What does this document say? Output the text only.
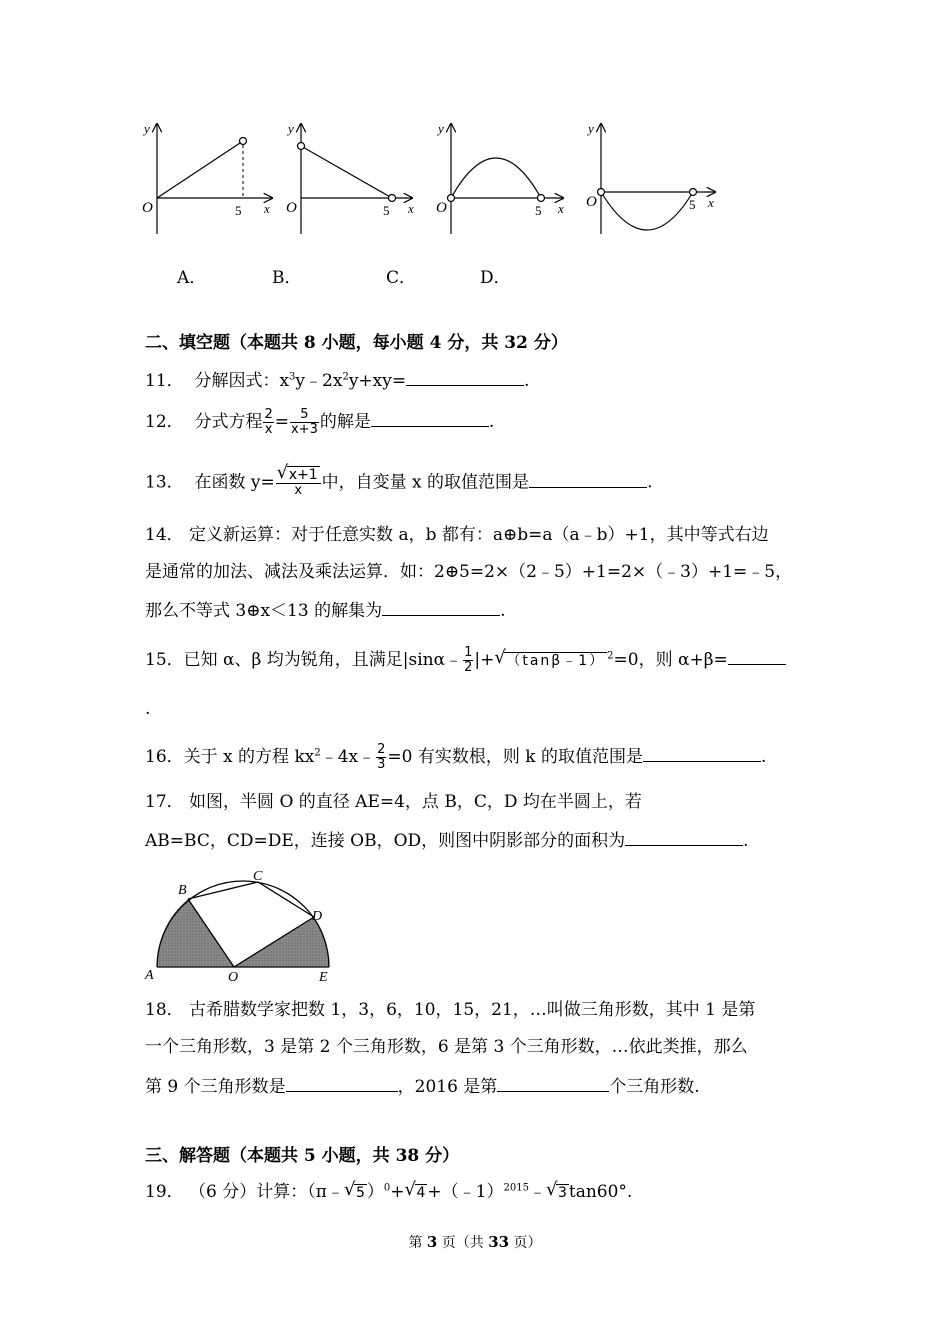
y
O	5 x
y
O	5 x
y
O	5 x
y
O	5 x
A．	B．	C．	D．
二、填空题（本题共 8 小题，每小题 4 分，共 32 分）
11． 分解因式：$x^3y﹣2x^2y+xy=$	.
12． 分式方程 $\frac{2}{x} = \frac{5}{x+3}$ 的解是	.
13． 在函数 $y= \frac{√ x+1}{x}$ 中，自变量 x 的取值范围是	.
14． 定义新运算：对于任意实数 a，b 都有：a⊕b=a（a﹣b）+1，其中等式右边
是通常的加法、减法及乘法运算．如：2⊕5=2×（2﹣5）+1=2×（﹣3）+1=﹣5，
那么不等式 3⊕x＜13 的解集为	.
15．已知 α、β 均为锐角，且满足|sinα﹣ $\frac{1}{2}$ |+ √ （tanβ﹣1） $^2$=0，则 α+β=
.
16．关于 x 的方程 $kx^2﹣4x﹣ \frac{2}{3} =0$ 有实数根，则 k 的取值范围是	.
17． 如图，半圆 O 的直径 AE=4，点 B，C，D 均在半圆上，若
AB=BC，CD=DE，连接 OB，OD，则图中阴影部分的面积为	.
A
B
C
D
E
O
18． 古希腊数学家把数 1，3，6，10，15，21，…叫做三角形数，其中 1 是第
一个三角形数，3 是第 2 个三角形数，6 是第 3 个三角形数，…依此类推，那么
第 9 个三角形数是	，2016 是第	个三角形数.
三、解答题（本题共 5 小题，共 38 分）
19． （6 分）计算：（π﹣ √ 5 ）$^0$+ √ 4 +（﹣1）$^{2015}$﹣ √ 3 tan60°.
第 3 页（共 33 页）
